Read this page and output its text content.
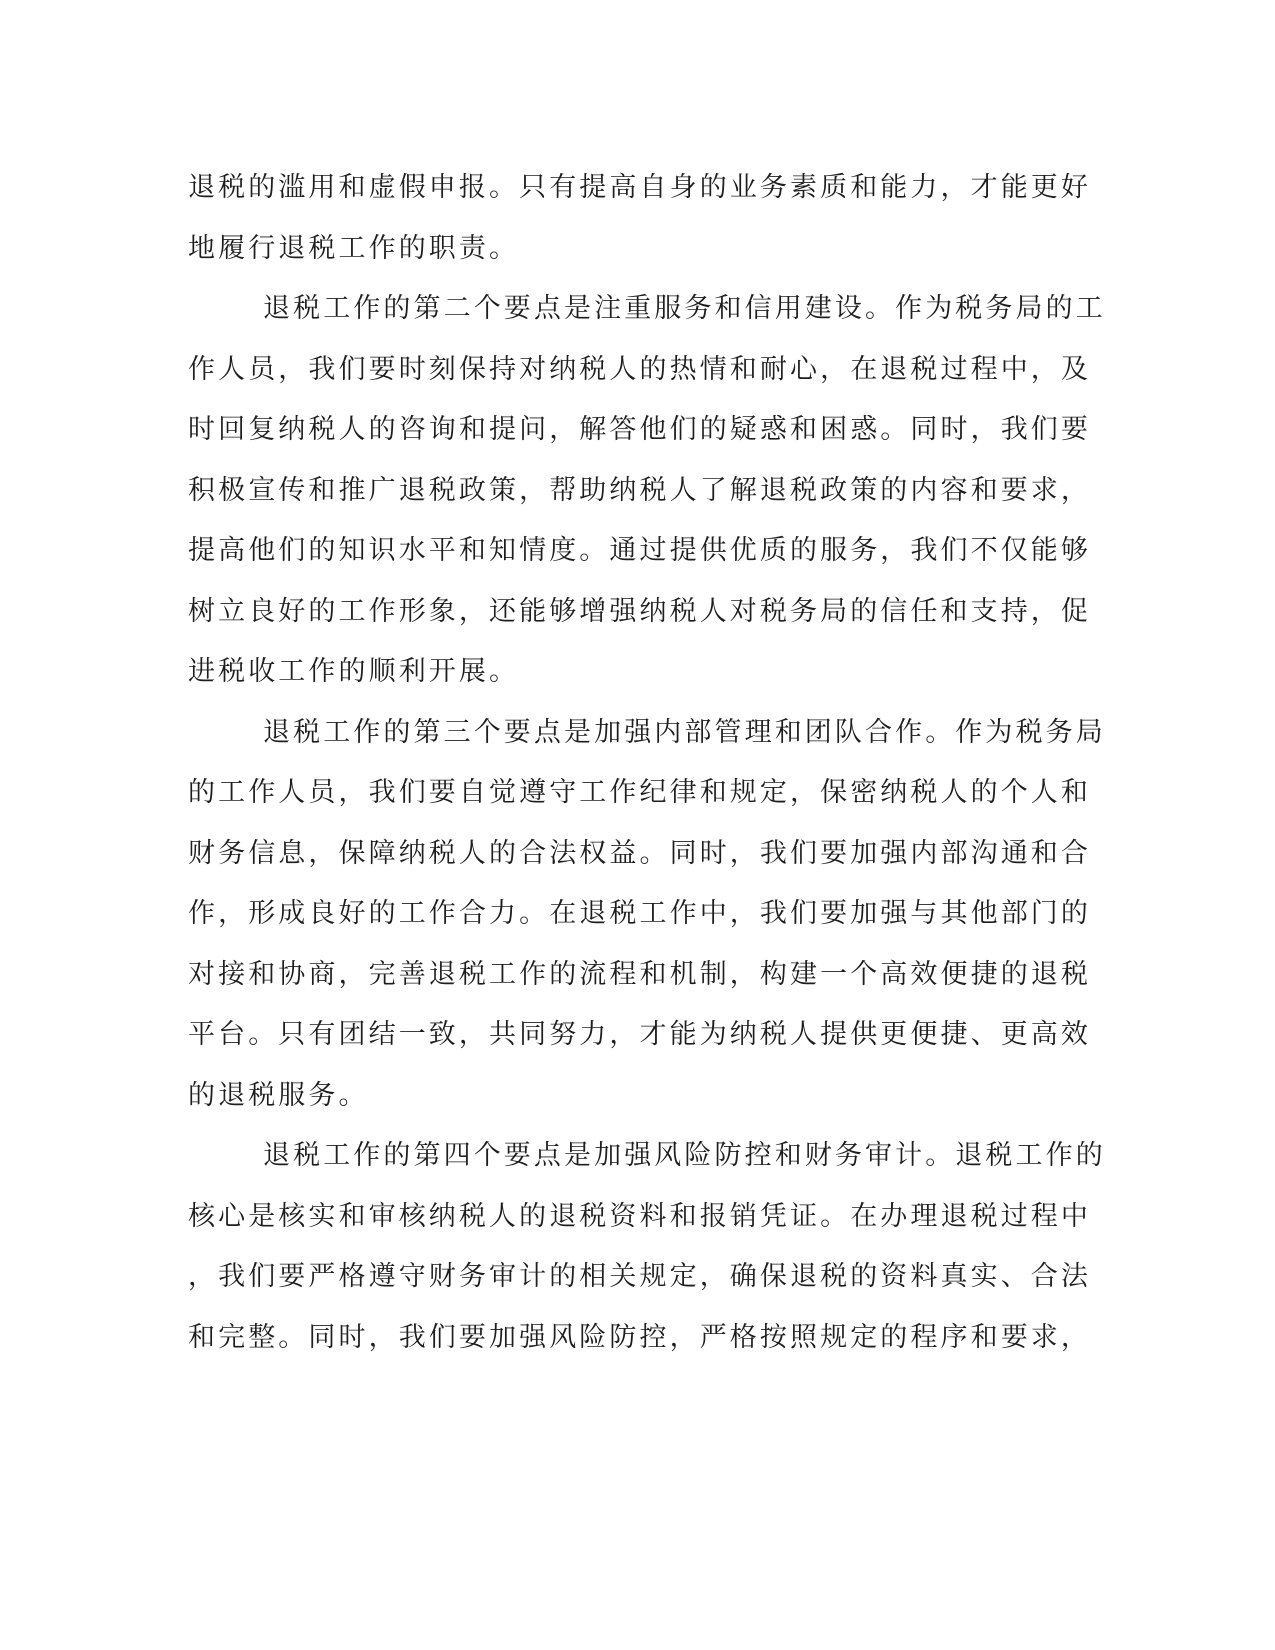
退税的滥用和虚假申报。只有提高自身的业务素质和能力，才能更好
地履行退税工作的职责。
退税工作的第二个要点是注重服务和信用建设。作为税务局的工
作人员，我们要时刻保持对纳税人的热情和耐心，在退税过程中，及
时回复纳税人的咨询和提问，解答他们的疑惑和困惑。同时，我们要
积极宣传和推广退税政策，帮助纳税人了解退税政策的内容和要求，
提高他们的知识水平和知情度。通过提供优质的服务，我们不仅能够
树立良好的工作形象，还能够增强纳税人对税务局的信任和支持，促
进税收工作的顺利开展。
退税工作的第三个要点是加强内部管理和团队合作。作为税务局
的工作人员，我们要自觉遵守工作纪律和规定，保密纳税人的个人和
财务信息，保障纳税人的合法权益。同时，我们要加强内部沟通和合
作，形成良好的工作合力。在退税工作中，我们要加强与其他部门的
对接和协商，完善退税工作的流程和机制，构建一个高效便捷的退税
平台。只有团结一致，共同努力，才能为纳税人提供更便捷、更高效
的退税服务。
退税工作的第四个要点是加强风险防控和财务审计。退税工作的
核心是核实和审核纳税人的退税资料和报销凭证。在办理退税过程中
，我们要严格遵守财务审计的相关规定，确保退税的资料真实、合法
和完整。同时，我们要加强风险防控，严格按照规定的程序和要求，
